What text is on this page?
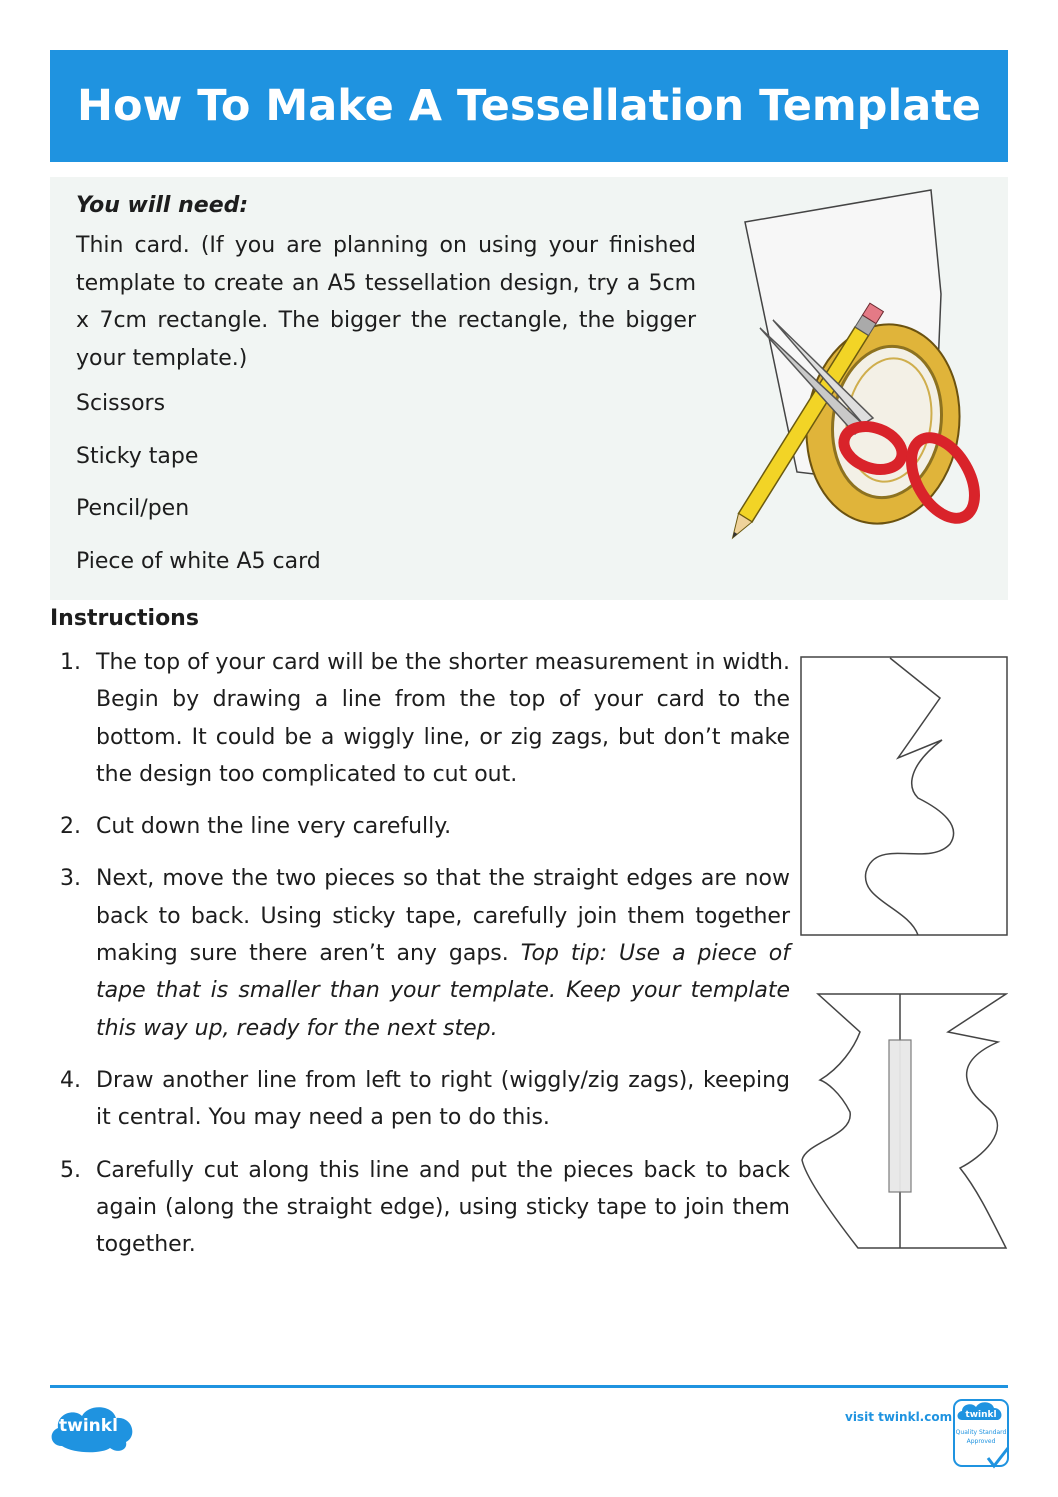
How To Make A Tessellation Template
You will need:

Thin card. (If you are planning on using your finished template to create an A5 tessellation design, try a 5cm x 7cm rectangle. The bigger the rectangle, the bigger your template.)

Scissors
Sticky tape
Pencil/pen
Piece of white A5 card
Instructions
1. The top of your card will be the shorter measurement in width. Begin by drawing a line from the top of your card to the bottom. It could be a wiggly line, or zig zags, but don’t make the design too complicated to cut out.
2. Cut down the line very carefully.
3. Next, move the two pieces so that the straight edges are now back to back. Using sticky tape, carefully join them together making sure there aren’t any gaps. Top tip: Use a piece of tape that is smaller than your template. Keep your template this way up, ready for the next step.
4. Draw another line from left to right (wiggly/zig zags), keeping it central. You may need a pen to do this.
5. Carefully cut along this line and put the pieces back to back again (along the straight edge), using sticky tape to join them together.
twinkl	visit twinkl.com twinkl
Quality Standard
Approved
